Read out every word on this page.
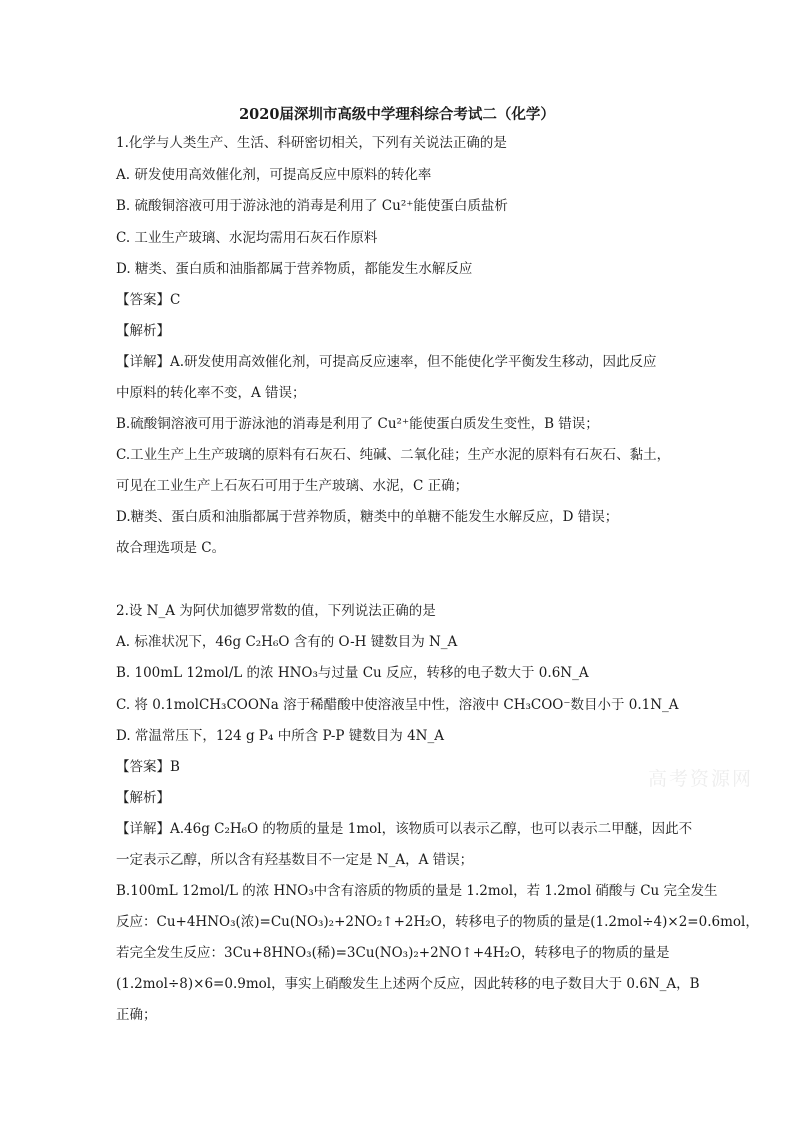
2020届深圳市高级中学理科综合考试二（化学）
1.化学与人类生产、生活、科研密切相关，下列有关说法正确的是
A. 研发使用高效催化剂，可提高反应中原料的转化率
B. 硫酸铜溶液可用于游泳池的消毒是利用了 Cu²⁺能使蛋白质盐析
C. 工业生产玻璃、水泥均需用石灰石作原料
D. 糖类、蛋白质和油脂都属于营养物质，都能发生水解反应
【答案】C
【解析】
【详解】A.研发使用高效催化剂，可提高反应速率，但不能使化学平衡发生移动，因此反应
中原料的转化率不变，A 错误；
B.硫酸铜溶液可用于游泳池的消毒是利用了 Cu²⁺能使蛋白质发生变性，B 错误；
C.工业生产上生产玻璃的原料有石灰石、纯碱、二氧化硅；生产水泥的原料有石灰石、黏土，
可见在工业生产上石灰石可用于生产玻璃、水泥，C 正确；
D.糖类、蛋白质和油脂都属于营养物质，糖类中的单糖不能发生水解反应，D 错误；
故合理选项是 C。
2.设 N_A 为阿伏加德罗常数的值，下列说法正确的是
A. 标准状况下，46g C₂H₆O 含有的 O-H 键数目为 N_A
B. 100mL 12mol/L 的浓 HNO₃与过量 Cu 反应，转移的电子数大于 0.6N_A
C. 将 0.1molCH₃COONa 溶于稀醋酸中使溶液呈中性，溶液中 CH₃COO⁻数目小于 0.1N_A
D. 常温常压下，124 g P₄ 中所含 P-P 键数目为 4N_A
【答案】B
【解析】
【详解】A.46g C₂H₆O 的物质的量是 1mol，该物质可以表示乙醇，也可以表示二甲醚，因此不
一定表示乙醇，所以含有羟基数目不一定是 N_A，A 错误；
B.100mL 12mol/L 的浓 HNO₃中含有溶质的物质的量是 1.2mol，若 1.2mol 硝酸与 Cu 完全发生
反应：Cu+4HNO₃(浓)=Cu(NO₃)₂+2NO₂↑+2H₂O，转移电子的物质的量是(1.2mol÷4)×2=0.6mol，
若完全发生反应：3Cu+8HNO₃(稀)=3Cu(NO₃)₂+2NO↑+4H₂O，转移电子的物质的量是
(1.2mol÷8)×6=0.9mol，事实上硝酸发生上述两个反应，因此转移的电子数目大于 0.6N_A，B
正确；
高考资源网
